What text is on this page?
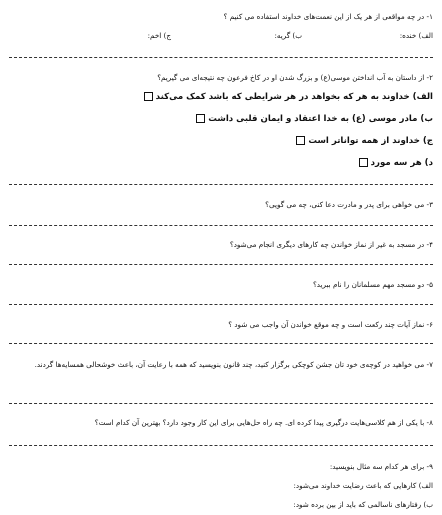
۱- در چه مواقعی از هر یک از این نعمت‌های خداوند استفاده می کنیم ؟
الف) خنده:
ب) گریه:
ج) اخم:
۲- از داستان به آب انداختن موسی(ع) و بزرگ شدن او در کاخ فرعون چه نتیجه‌ای می گیریم؟
الف) خداوند به هر که بخواهد در هر شرایطی که باشد کمک می‌کند
ب) مادر موسی (ع) به خدا اعتقاد و ایمان قلبی داشت
ج) خداوند از همه تواناتر است
د) هر سه مورد
۳- می خواهی برای پدر و مادرت دعا کنی، چه می گویی؟
۴- در مسجد به غیر از نماز خواندن چه کارهای دیگری انجام می‌شود؟
۵- دو مسجد مهم مسلمانان را نام ببرید؟
۶- نماز آیات چند رکعت است و چه موقع خواندن آن واجب می شود ؟
۷- می خواهید در کوچه‌ی خود تان جشن کوچکی برگزار کنید، چند قانون بنویسید که همه با رعایت آن، باعث خوشحالی همسایه‌ها گردند.
۸- با یکی از هم کلاسی‌هایت درگیری پیدا کرده ای. چه راه حل‌هایی برای این کار وجود دارد؟ بهترین آن کدام است؟
۹- برای هر کدام سه مثال بنویسید:
الف) کارهایی که باعث رضایت خداوند می‌شود:
ب) رفتارهای ناسالمی که باید از بین برده شود:
